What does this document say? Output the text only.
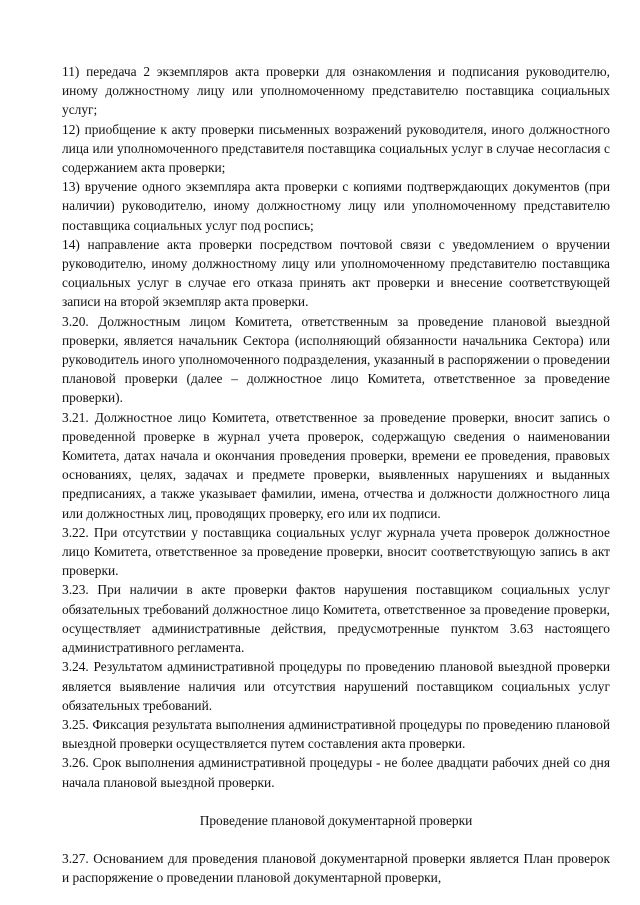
11) передача 2 экземпляров акта проверки для ознакомления и подписания руководителю, иному должностному лицу или уполномоченному представителю поставщика социальных услуг;

12) приобщение к акту проверки письменных возражений руководителя, иного должностного лица или уполномоченного представителя поставщика социальных услуг в случае несогласия с содержанием акта проверки;

13) вручение одного экземпляра акта проверки с копиями подтверждающих документов (при наличии) руководителю, иному должностному лицу или уполномоченному представителю поставщика социальных услуг под роспись;

14) направление акта проверки посредством почтовой связи с уведомлением о вручении руководителю, иному должностному лицу или уполномоченному представителю поставщика социальных услуг в случае его отказа принять акт проверки и внесение соответствующей записи на второй экземпляр акта проверки.

3.20. Должностным лицом Комитета, ответственным за проведение плановой выездной проверки, является начальник Сектора (исполняющий обязанности начальника Сектора) или руководитель иного уполномоченного подразделения, указанный в распоряжении о проведении плановой проверки (далее – должностное лицо Комитета, ответственное за проведение проверки).

3.21. Должностное лицо Комитета, ответственное за проведение проверки, вносит запись о проведенной проверке в журнал учета проверок, содержащую сведения о наименовании Комитета, датах начала и окончания проведения проверки, времени ее проведения, правовых основаниях, целях, задачах и предмете проверки, выявленных нарушениях и выданных предписаниях, а также указывает фамилии, имена, отчества и должности должностного лица или должностных лиц, проводящих проверку, его или их подписи.

3.22. При отсутствии у поставщика социальных услуг журнала учета проверок должностное лицо Комитета, ответственное за проведение проверки, вносит соответствующую запись в акт проверки.

3.23. При наличии в акте проверки фактов нарушения поставщиком социальных услуг обязательных требований должностное лицо Комитета, ответственное за проведение проверки, осуществляет административные действия, предусмотренные пунктом 3.63 настоящего административного регламента.

3.24. Результатом административной процедуры по проведению плановой выездной проверки является выявление наличия или отсутствия нарушений поставщиком социальных услуг обязательных требований.

3.25. Фиксация результата выполнения административной процедуры по проведению плановой выездной проверки осуществляется путем составления акта проверки.

3.26. Срок выполнения административной процедуры - не более двадцати рабочих дней со дня начала плановой выездной проверки.

Проведение плановой документарной проверки

3.27. Основанием для проведения плановой документарной проверки является План проверок и распоряжение о проведении плановой документарной проверки,
